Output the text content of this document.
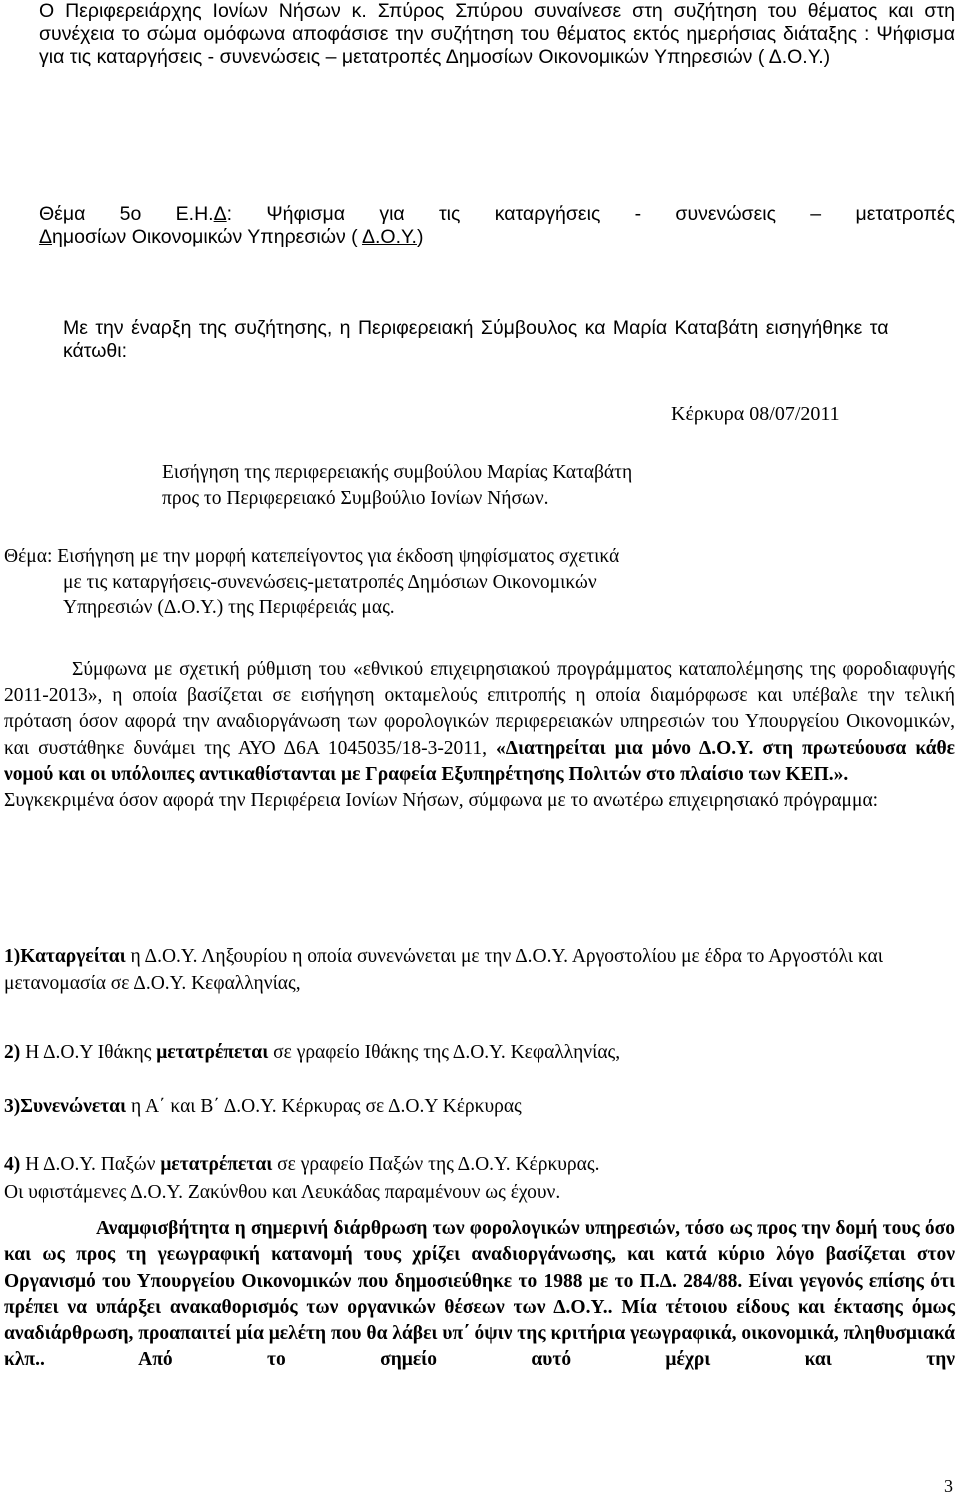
Ο Περιφερειάρχης Ιονίων Νήσων κ. Σπύρος Σπύρου συναίνεσε στη συζήτηση του θέματος και στη συνέχεια το σώμα ομόφωνα αποφάσισε την συζήτηση του θέματος εκτός ημερήσιας διάταξης : Ψήφισμα για τις καταργήσεις - συνενώσεις – μετατροπές Δημοσίων Οικονομικών Υπηρεσιών ( Δ.Ο.Υ.)

Θέμα 5ο Ε.Η.Δ: Ψήφισμα για τις καταργήσεις - συνενώσεις – μετατροπές
Δημοσίων Οικονομικών Υπηρεσιών ( Δ.Ο.Υ.)

Με την έναρξη της συζήτησης, η Περιφερειακή Σύμβουλος κα Μαρία Καταβάτη εισηγήθηκε τα κάτωθι:

Κέρκυρα 08/07/2011
Εισήγηση της περιφερειακής συμβούλου Μαρίας Καταβάτη
προς το Περιφερειακό Συμβούλιο Ιονίων Νήσων.
Θέμα: Εισήγηση με την μορφή κατεπείγοντος για έκδοση ψηφίσματος σχετικά
με τις καταργήσεις-συνενώσεις-μετατροπές Δημόσιων Οικονομικών
Υπηρεσιών (Δ.Ο.Υ.) της Περιφέρειάς μας.
Σύμφωνα με σχετική ρύθμιση του «εθνικού επιχειρησιακού προγράμματος καταπολέμησης της φοροδιαφυγής 2011-2013», η οποία βασίζεται σε εισήγηση οκταμελούς επιτροπής η οποία διαμόρφωσε και υπέβαλε την τελική πρόταση όσον αφορά την αναδιοργάνωση των φορολογικών περιφερειακών υπηρεσιών του Υπουργείου Οικονομικών, και συστάθηκε δυνάμει της ΑΥΟ Δ6Α 1045035/18-3-2011, «Διατηρείται μια μόνο Δ.Ο.Υ. στη πρωτεύουσα κάθε νομού και οι υπόλοιπες αντικαθίστανται με Γραφεία Εξυπηρέτησης Πολιτών στο πλαίσιο των ΚΕΠ.».
Συγκεκριμένα όσον αφορά την Περιφέρεια Ιονίων Νήσων, σύμφωνα με το ανωτέρω επιχειρησιακό πρόγραμμα:
1)Καταργείται η Δ.Ο.Υ. Ληξουρίου η οποία συνενώνεται με την Δ.Ο.Υ. Αργοστολίου με έδρα το Αργοστόλι και μετανομασία σε Δ.Ο.Υ. Κεφαλληνίας,
2) Η Δ.Ο.Υ Ιθάκης μετατρέπεται σε γραφείο Ιθάκης της Δ.Ο.Υ. Κεφαλληνίας,
3)Συνενώνεται η Α΄ και Β΄ Δ.Ο.Υ. Κέρκυρας σε Δ.Ο.Υ Κέρκυρας
4) Η Δ.Ο.Υ. Παξών μετατρέπεται σε γραφείο Παξών της Δ.Ο.Υ. Κέρκυρας.
Οι υφιστάμενες Δ.Ο.Υ. Ζακύνθου και Λευκάδας παραμένουν ως έχουν.
Αναμφισβήτητα η σημερινή διάρθρωση των φορολογικών υπηρεσιών, τόσο ως προς την δομή τους όσο και ως προς τη γεωγραφική κατανομή τους χρίζει αναδιοργάνωσης, και κατά κύριο λόγο βασίζεται στον Οργανισμό του Υπουργείου Οικονομικών που δημοσιεύθηκε το 1988 με το Π.Δ. 284/88. Είναι γεγονός επίσης ότι πρέπει να υπάρξει ανακαθορισμός των οργανικών θέσεων των Δ.Ο.Υ.. Μία τέτοιου είδους και έκτασης όμως αναδιάρθρωση, προαπαιτεί μία μελέτη που θα λάβει υπ΄ όψιν της κριτήρια γεωγραφικά, οικονομικά, πληθυσμιακά κλπ.. Από το σημείο αυτό μέχρι και την
3
